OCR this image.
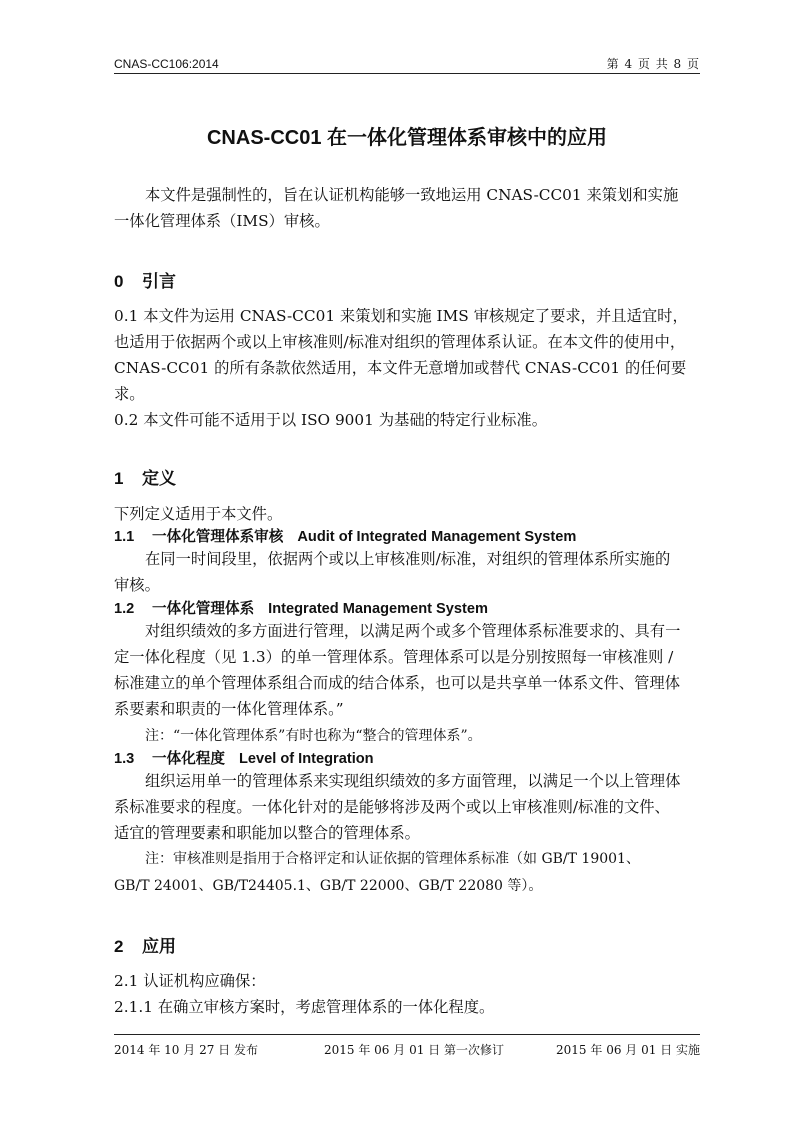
CNAS-CC106:2014	第 4 页 共 8 页
CNAS-CC01 在一体化管理体系审核中的应用
本文件是强制性的，旨在认证机构能够一致地运用 CNAS-CC01 来策划和实施
一体化管理体系（IMS）审核。
0 引言
0.1 本文件为运用 CNAS-CC01 来策划和实施 IMS 审核规定了要求，并且适宜时，
也适用于依据两个或以上审核准则/标准对组织的管理体系认证。在本文件的使用中，
CNAS-CC01 的所有条款依然适用，本文件无意增加或替代 CNAS-CC01 的任何要
求。
0.2 本文件可能不适用于以 ISO 9001 为基础的特定行业标准。
1 定义
下列定义适用于本文件。
1.1 一体化管理体系审核 Audit of Integrated Management System
在同一时间段里，依据两个或以上审核准则/标准，对组织的管理体系所实施的
审核。
1.2 一体化管理体系 Integrated Management System
对组织绩效的多方面进行管理，以满足两个或多个管理体系标准要求的、具有一
定一体化程度（见 1.3）的单一管理体系。管理体系可以是分别按照每一审核准则 /
标准建立的单个管理体系组合而成的结合体系，也可以是共享单一体系文件、管理体
系要素和职责的一体化管理体系。”
注：“一体化管理体系”有时也称为“整合的管理体系”。
1.3 一体化程度 Level of Integration
组织运用单一的管理体系来实现组织绩效的多方面管理，以满足一个以上管理体
系标准要求的程度。一体化针对的是能够将涉及两个或以上审核准则/标准的文件、
适宜的管理要素和职能加以整合的管理体系。
注：审核准则是指用于合格评定和认证依据的管理体系标准（如 GB/T 19001、
GB/T 24001、GB/T24405.1、GB/T 22000、GB/T 22080 等）。
2 应用
2.1 认证机构应确保：
2.1.1 在确立审核方案时，考虑管理体系的一体化程度。
2014 年 10 月 27 日 发布	2015 年 06 月 01 日 第一次修订	2015 年 06 月 01 日 实施
